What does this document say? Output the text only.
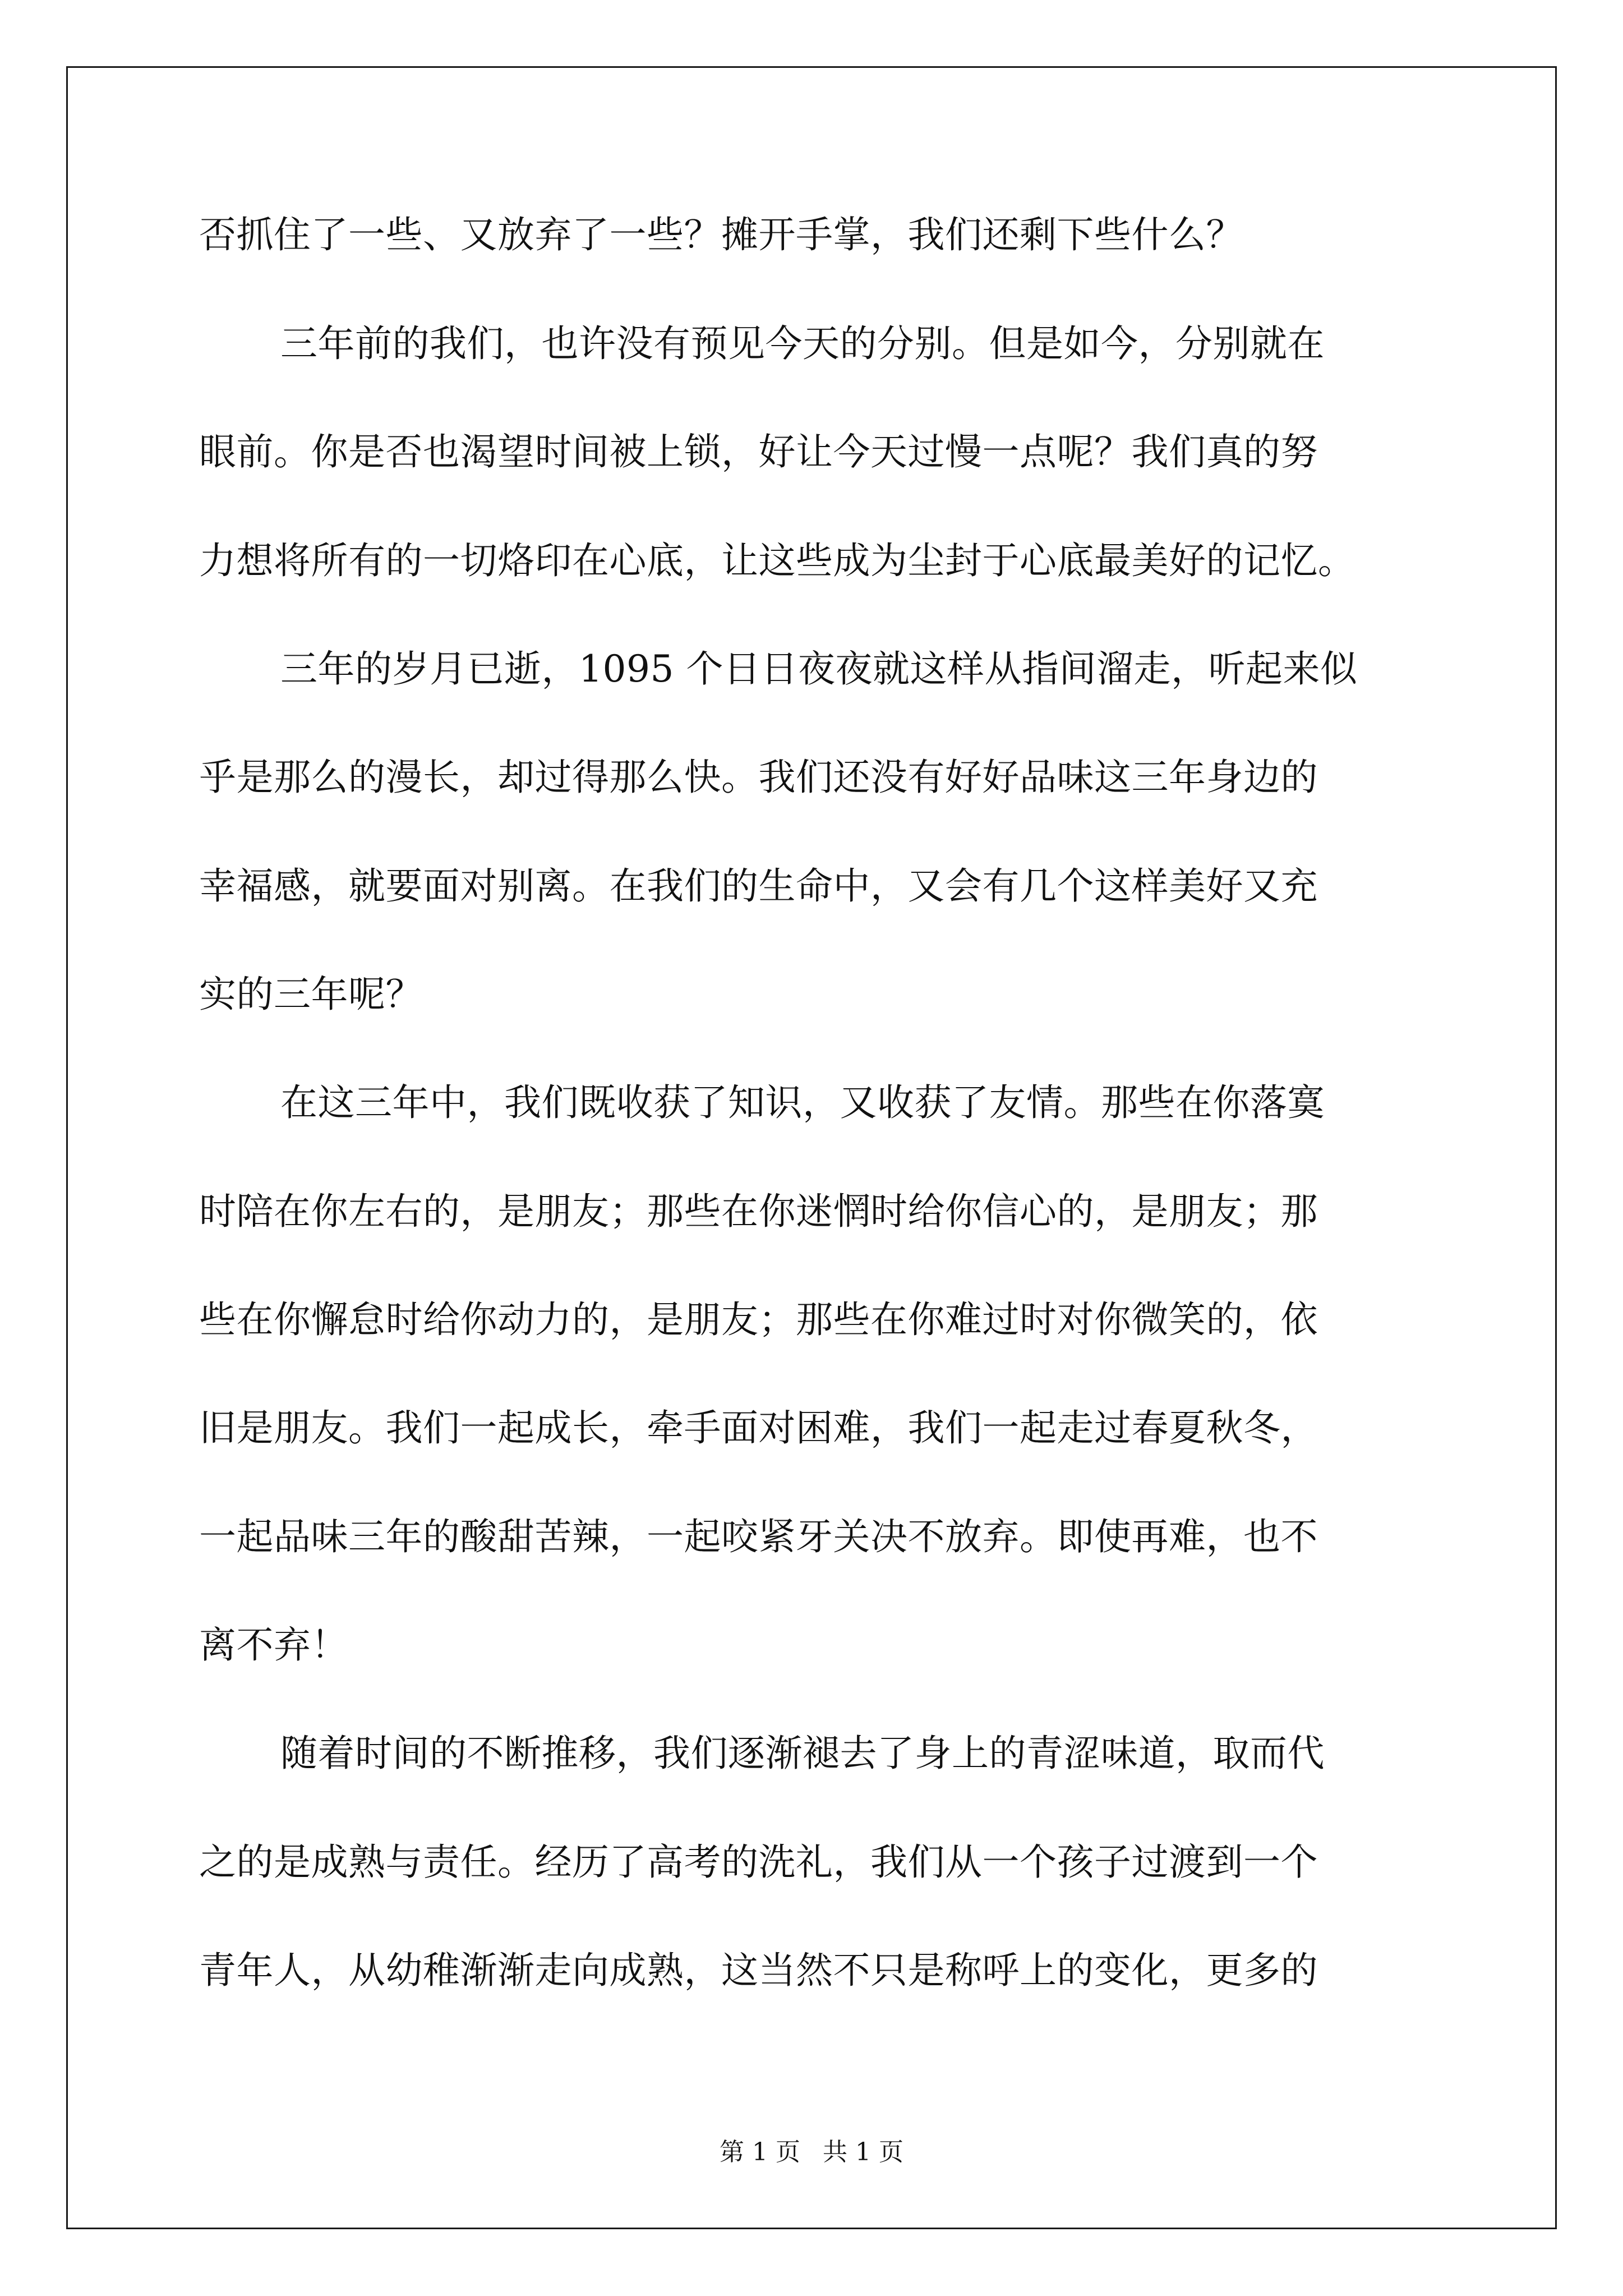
否抓住了一些、又放弃了一些？摊开手掌，我们还剩下些什么？
三年前的我们，也许没有预见今天的分别。但是如今，分别就在
眼前。你是否也渴望时间被上锁，好让今天过慢一点呢？我们真的努
力想将所有的一切烙印在心底，让这些成为尘封于心底最美好的记忆。
三年的岁月已逝，1095 个日日夜夜就这样从指间溜走，听起来似
乎是那么的漫长，却过得那么快。我们还没有好好品味这三年身边的
幸福感，就要面对别离。在我们的生命中，又会有几个这样美好又充
实的三年呢？
在这三年中，我们既收获了知识，又收获了友情。那些在你落寞
时陪在你左右的，是朋友；那些在你迷惘时给你信心的，是朋友；那
些在你懈怠时给你动力的，是朋友；那些在你难过时对你微笑的，依
旧是朋友。我们一起成长，牵手面对困难，我们一起走过春夏秋冬，
一起品味三年的酸甜苦辣，一起咬紧牙关决不放弃。即使再难，也不
离不弃！
随着时间的不断推移，我们逐渐褪去了身上的青涩味道，取而代
之的是成熟与责任。经历了高考的洗礼，我们从一个孩子过渡到一个
青年人，从幼稚渐渐走向成熟，这当然不只是称呼上的变化，更多的
第 1 页 共 1 页
